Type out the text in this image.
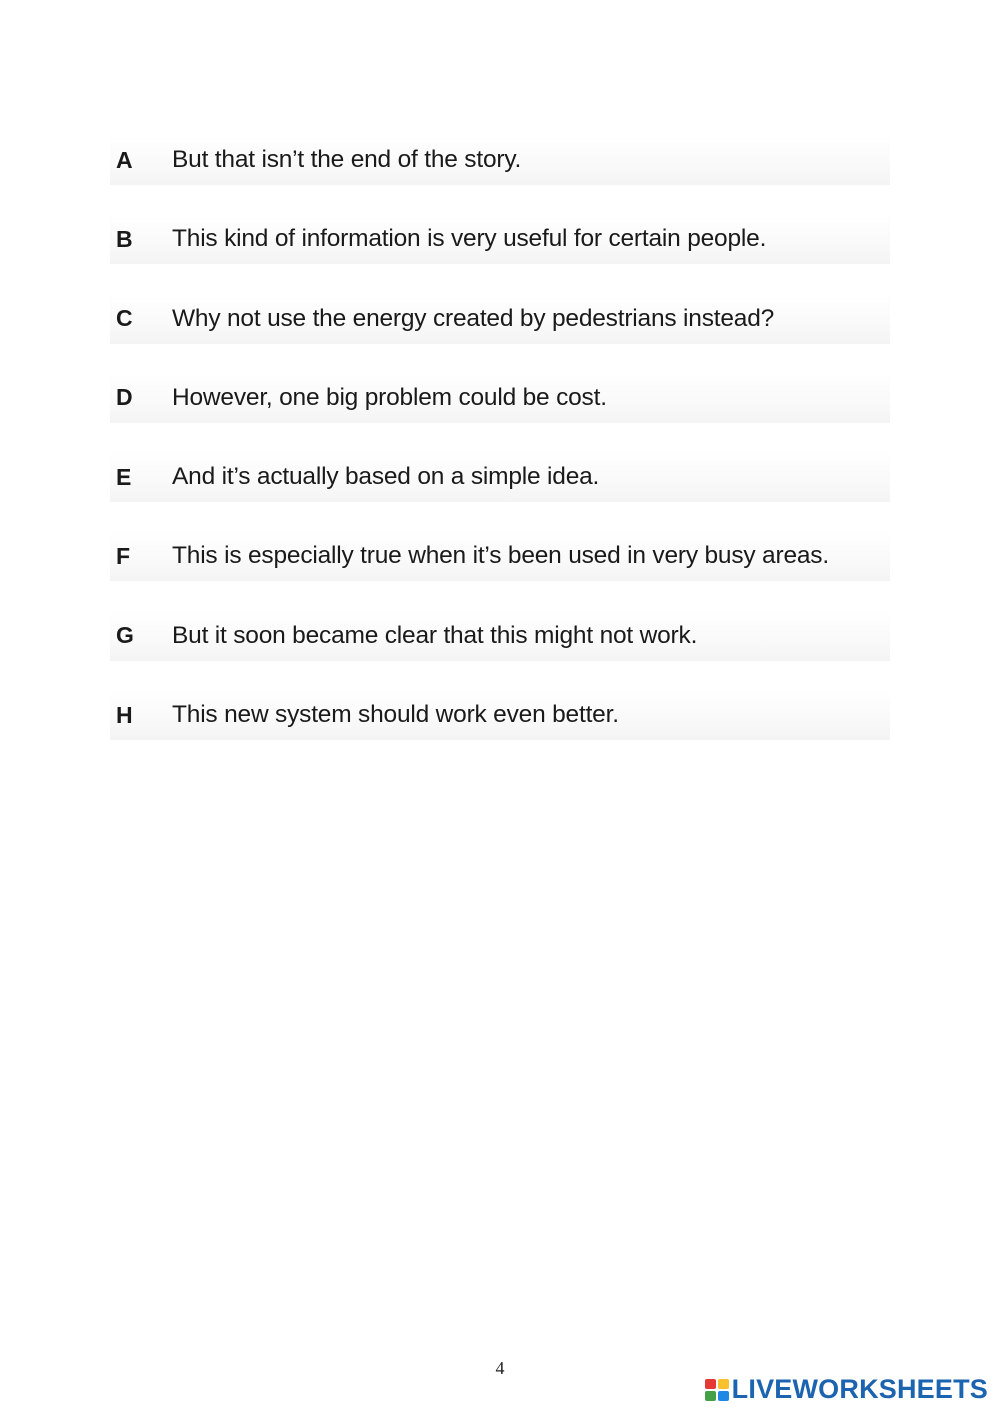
A	But that isn’t the end of the story.
B	This kind of information is very useful for certain people.
C	Why not use the energy created by pedestrians instead?
D	However, one big problem could be cost.
E	And it’s actually based on a simple idea.
F	This is especially true when it’s been used in very busy areas.
G	But it soon became clear that this might not work.
H	This new system should work even better.
4
LIVEWORKSHEETS
